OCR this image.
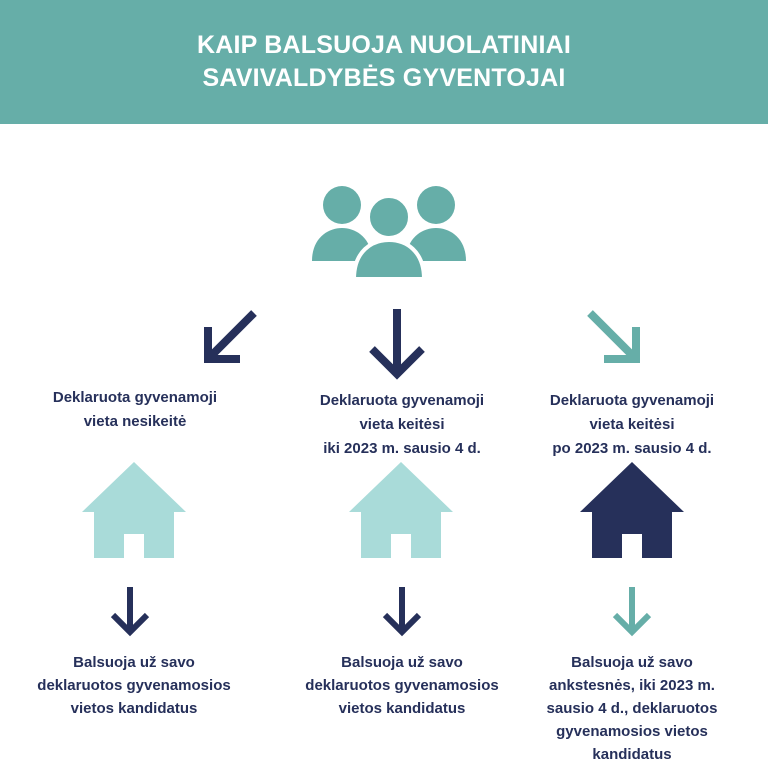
KAIP BALSUOJA NUOLATINIAI
SAVIVALDYBĖS GYVENTOJAI
Deklaruota gyvenamoji
vieta nesikeitė
Deklaruota gyvenamoji
vieta keitėsi
iki 2023 m. sausio 4 d.
Deklaruota gyvenamoji
vieta keitėsi
po 2023 m. sausio 4 d.
Balsuoja už savo
deklaruotos gyvenamosios
vietos kandidatus
Balsuoja už savo
deklaruotos gyvenamosios
vietos kandidatus
Balsuoja už savo
ankstesnės, iki 2023 m.
sausio 4 d., deklaruotos
gyvenamosios vietos
kandidatus
